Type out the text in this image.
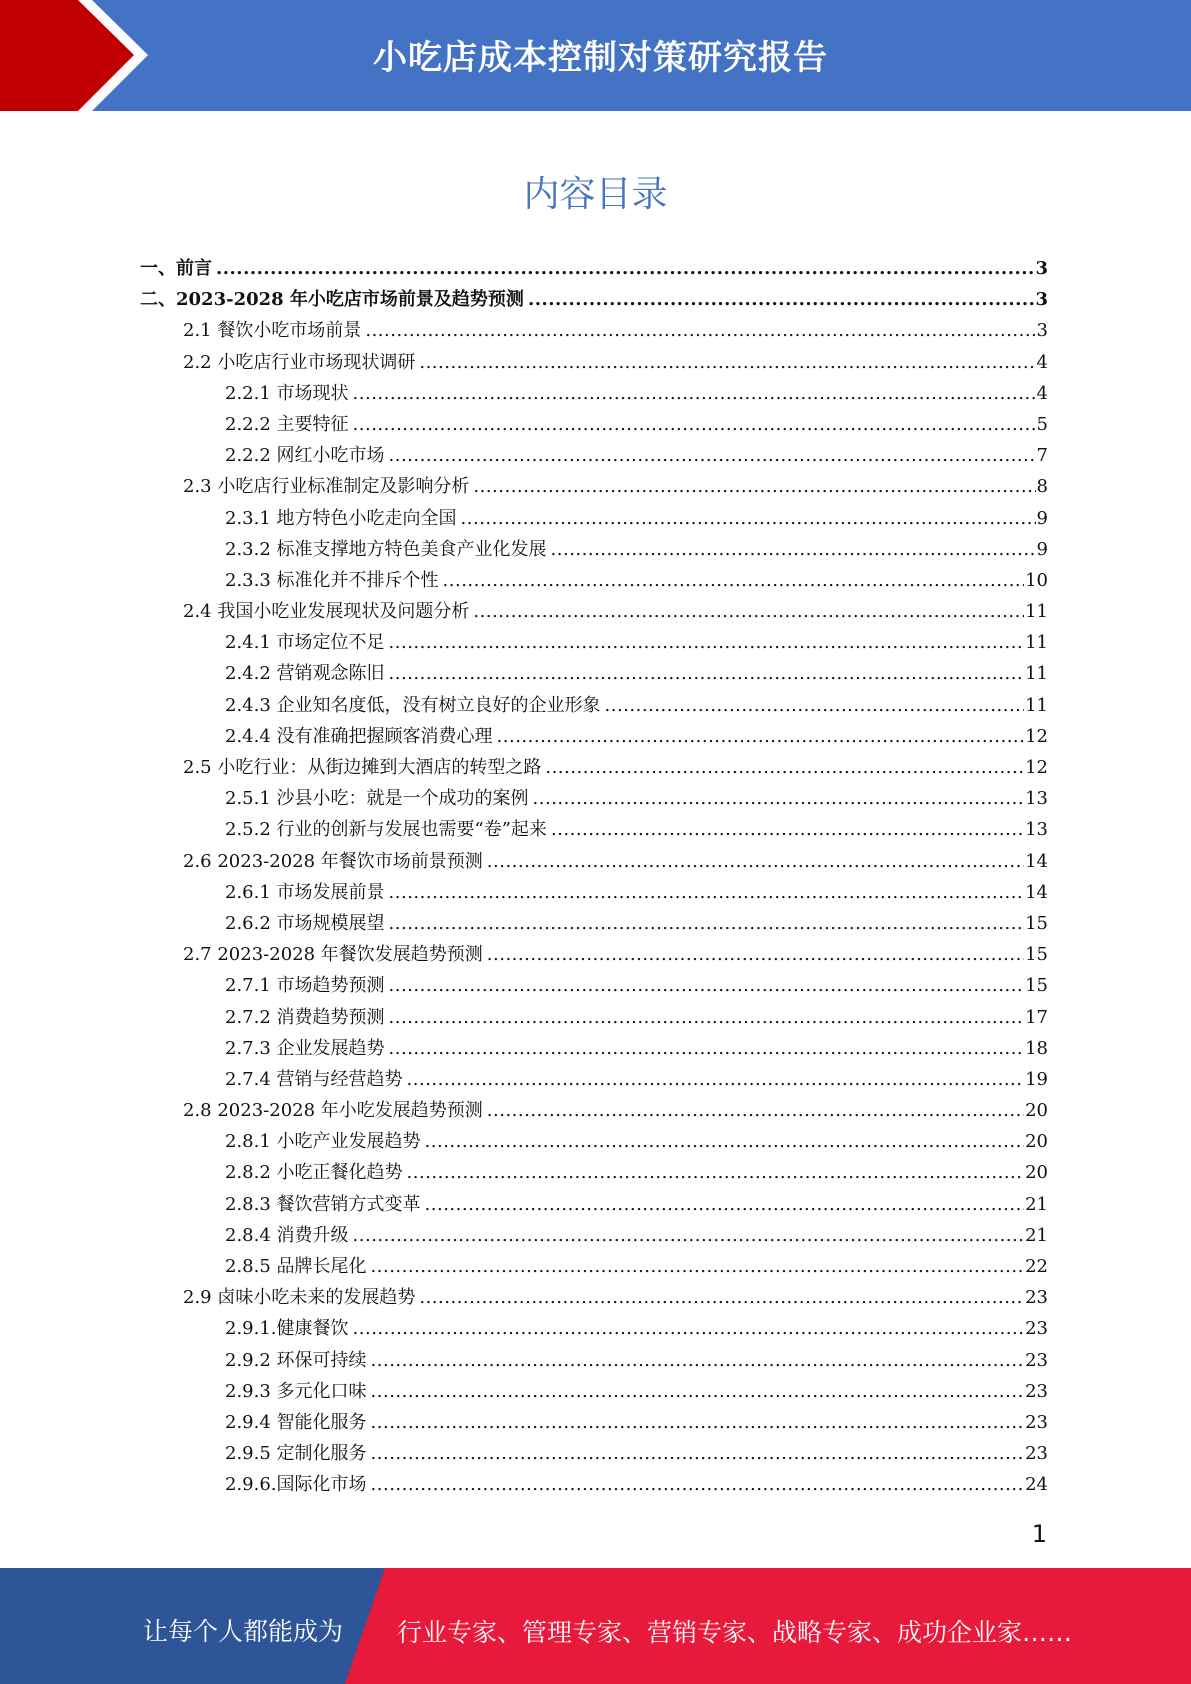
小吃店成本控制对策研究报告
内容目录
一、前言 .....	3
二、2023-2028 年小吃店市场前景及趋势预测 .....	3
2.1 餐饮小吃市场前景 .....	3
2.2 小吃店行业市场现状调研 .....	4
2.2.1 市场现状 .....	4
2.2.2 主要特征 .....	5
2.2.2 网红小吃市场 .....	7
2.3 小吃店行业标准制定及影响分析 .....	8
2.3.1 地方特色小吃走向全国 .....	9
2.3.2 标准支撑地方特色美食产业化发展 .....	9
2.3.3 标准化并不排斥个性 .....	10
2.4 我国小吃业发展现状及问题分析 .....	11
2.4.1 市场定位不足 .....	11
2.4.2 营销观念陈旧 .....	11
2.4.3 企业知名度低，没有树立良好的企业形象 .....	11
2.4.4 没有准确把握顾客消费心理 .....	12
2.5 小吃行业：从街边摊到大酒店的转型之路 .....	12
2.5.1 沙县小吃：就是一个成功的案例 .....	13
2.5.2 行业的创新与发展也需要“卷”起来 .....	13
2.6 2023-2028 年餐饮市场前景预测 .....	14
2.6.1 市场发展前景 .....	14
2.6.2 市场规模展望 .....	15
2.7 2023-2028 年餐饮发展趋势预测 .....	15
2.7.1 市场趋势预测 .....	15
2.7.2 消费趋势预测 .....	17
2.7.3 企业发展趋势 .....	18
2.7.4 营销与经营趋势 .....	19
2.8 2023-2028 年小吃发展趋势预测 .....	20
2.8.1 小吃产业发展趋势 .....	20
2.8.2 小吃正餐化趋势 .....	20
2.8.3 餐饮营销方式变革 .....	21
2.8.4 消费升级 .....	21
2.8.5 品牌长尾化 .....	22
2.9 卤味小吃未来的发展趋势 .....	23
2.9.1.健康餐饮 .....	23
2.9.2 环保可持续 .....	23
2.9.3 多元化口味 .....	23
2.9.4 智能化服务 .....	23
2.9.5 定制化服务 .....	23
2.9.6.国际化市场 .....	24
1
让每个人都能成为 行业专家、管理专家、营销专家、战略专家、成功企业家……
